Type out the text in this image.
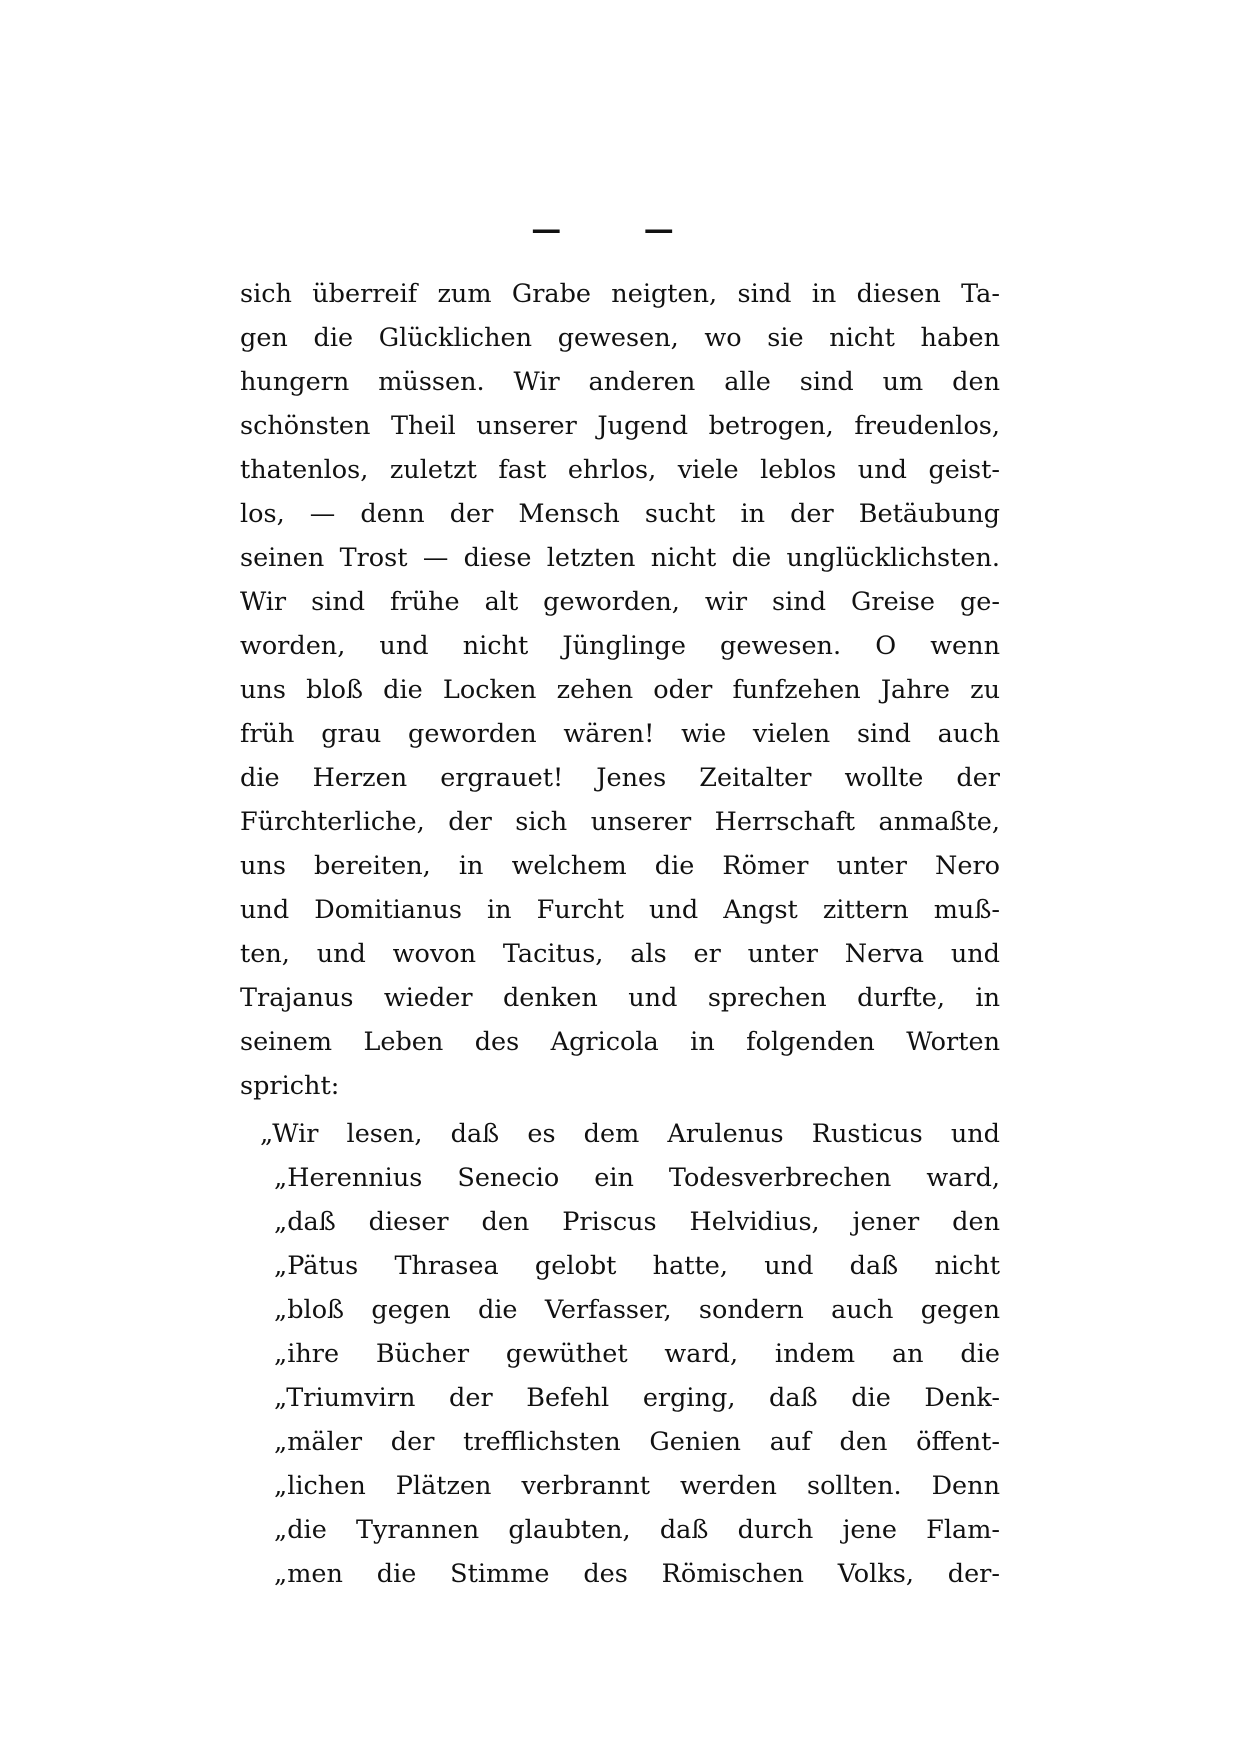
— —
sich überreif zum Grabe neigten, sind in diesen Ta-
gen die Glücklichen gewesen, wo sie nicht haben
hungern müssen. Wir anderen alle sind um den
schönsten Theil unserer Jugend betrogen, freudenlos,
thatenlos, zuletzt fast ehrlos, viele leblos und geist-
los, — denn der Mensch sucht in der Betäubung
seinen Trost — diese letzten nicht die unglücklichsten.
Wir sind frühe alt geworden, wir sind Greise ge-
worden, und nicht Jünglinge gewesen. O wenn
uns bloß die Locken zehen oder funfzehen Jahre zu
früh grau geworden wären! wie vielen sind auch
die Herzen ergrauet! Jenes Zeitalter wollte der
Fürchterliche, der sich unserer Herrschaft anmaßte,
uns bereiten, in welchem die Römer unter Nero
und Domitianus in Furcht und Angst zittern muß-
ten, und wovon Tacitus, als er unter Nerva und
Trajanus wieder denken und sprechen durfte, in
seinem Leben des Agricola in folgenden Worten
spricht:
„Wir lesen, daß es dem Arulenus Rusticus und
„Herennius Senecio ein Todesverbrechen ward,
„daß dieser den Priscus Helvidius, jener den
„Pätus Thrasea gelobt hatte, und daß nicht
„bloß gegen die Verfasser, sondern auch gegen
„ihre Bücher gewüthet ward, indem an die
„Triumvirn der Befehl erging, daß die Denk-
„mäler der trefflichsten Genien auf den öffent-
„lichen Plätzen verbrannt werden sollten. Denn
„die Tyrannen glaubten, daß durch jene Flam-
„men die Stimme des Römischen Volks, der-
